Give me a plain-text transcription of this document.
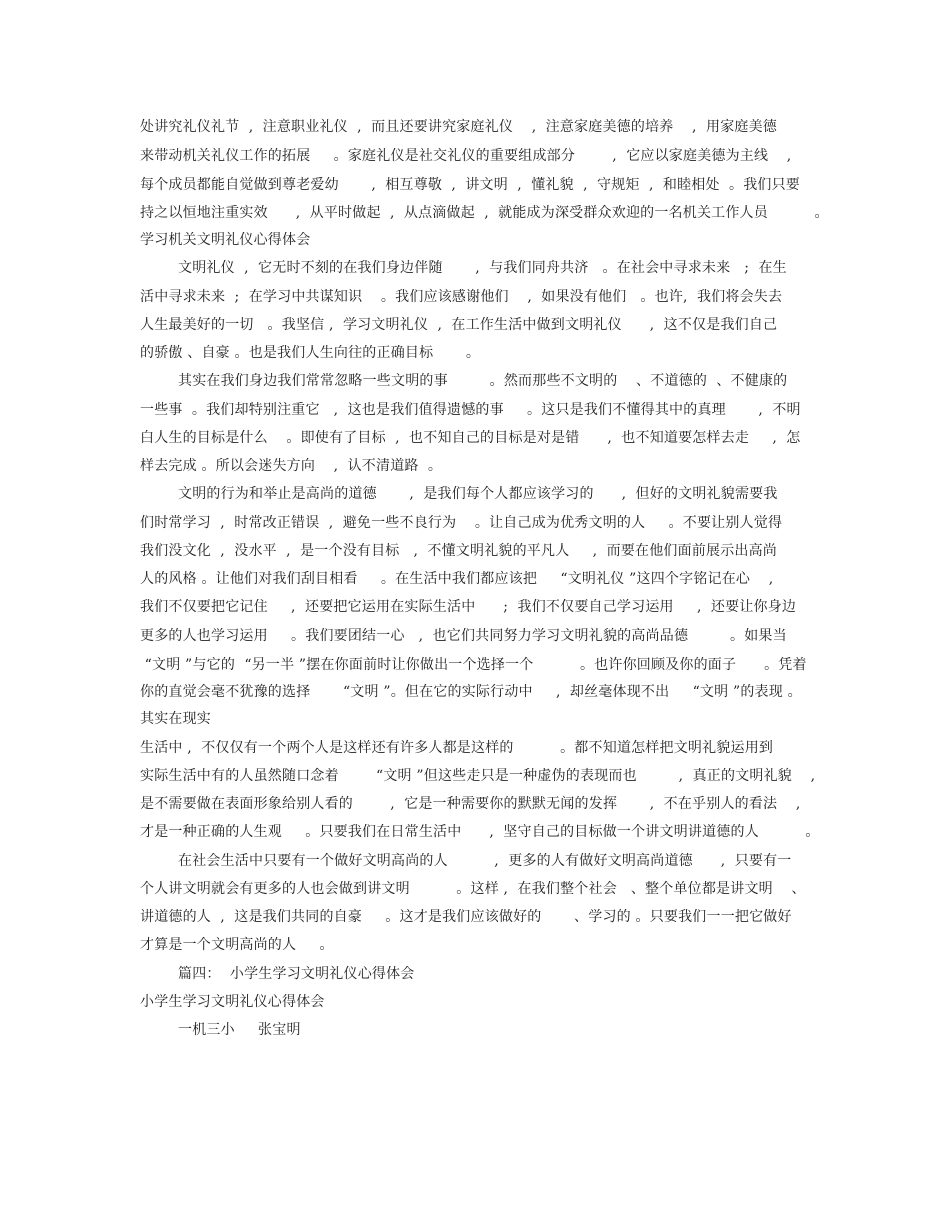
处讲究礼仪礼节  ,  注意职业礼仪  ,  而且还要讲究家庭礼仪    ,  注意家庭美德的培养    ,  用家庭美德
来带动机关礼仪工作的拓展     。家庭礼仪是社交礼仪的重要组成部分        ,  它应以家庭美德为主线    ,
每个成员都能自觉做到尊老爱幼       ,  相互尊敬  ,  讲文明  ,  懂礼貌  ,  守规矩  ,  和睦相处  。我们只要
持之以恒地注重实效      ,  从平时做起  ,  从点滴做起  ,  就能成为深受群众欢迎的一名机关工作人员          。
学习机关文明礼仪心得体会
文明礼仪  ,  它无时不刻的在我们身边伴随       ,  与我们同舟共济   。在社会中寻求未来   ;  在生
活中寻求未来  ;  在学习中共谋知识    。我们应该感谢他们    ,  如果没有他们   。也许,  我们将会失去
人生最美好的一切   。我坚信 ,  学习文明礼仪  ,  在工作生活中做到文明礼仪      ,  这不仅是我们自己
的骄傲 、自豪 。也是我们人生向往的正确目标       。
其实在我们身边我们常常忽略一些文明的事         。然而那些不文明的    、不道德的  、不健康的
一些事  。我们却特别注重它   ,  这也是我们值得遗憾的事     。这只是我们不懂得其中的真理       ,  不明
白人生的目标是什么    。即使有了目标  ,  也不知自己的目标是对是错      ,  也不知道要怎样去走     ,  怎
样去完成 。所以会迷失方向    ,  认不清道路  。
文明的行为和举止是高尚的道德       ,  是我们每个人都应该学习的      ,  但好的文明礼貌需要我
们时常学习  ,  时常改正错误  ,  避免一些不良行为    。让自己成为优秀文明的人     。不要让别人觉得
我们没文化  ,  没水平  ,  是一个没有目标   ,  不懂文明礼貌的平凡人     ,  而要在他们面前展示出高尚
人的风格 。让他们对我们刮目相看     。在生活中我们都应该把     “文明礼仪 ”这四个字铭记在心    ,
我们不仅要把它记住     ,  还要把它运用在实际生活中      ;  我们不仅要自己学习运用     ,  还要让你身边
更多的人也学习运用     。我们要团结一心   ,  也它们共同努力学习文明礼貌的高尚品德         。如果当
“文明 ”与它的  “另一半 ”摆在你面前时让你做出一个选择一个          。也许你回顾及你的面子      。凭着
你的直觉会毫不犹豫的选择       “文明 ”。但在它的实际行动中     ,  却丝毫体现不出     “文明 ”的表现 。
其实在现实
生活中 ,  不仅仅有一个两个人是这样还有许多人都是这样的          。都不知道怎样把文明礼貌运用到
实际生活中有的人虽然随口念着        “文明 ”但这些走只是一种虚伪的表现而也         ,  真正的文明礼貌    ,
是不需要做在表面形象给别人看的        ,  它是一种需要你的默默无闻的发挥       ,  不在乎别人的看法    ,
才是一种正确的人生观     。只要我们在日常生活中      ,  坚守自己的目标做一个讲文明讲道德的人          。
在社会生活中只要有一个做好文明高尚的人          ,  更多的人有做好文明高尚道德      ,  只要有一
个人讲文明就会有更多的人也会做到讲文明          。这样 ,  在我们整个社会   、整个单位都是讲文明    、
讲道德的人  ,  这是我们共同的自豪     。这才是我们应该做好的       、学习的 。只要我们一一把它做好
才算是一个文明高尚的人     。
篇四：  小学生学习文明礼仪心得体会
小学生学习文明礼仪心得体会
一机三小     张宝明
